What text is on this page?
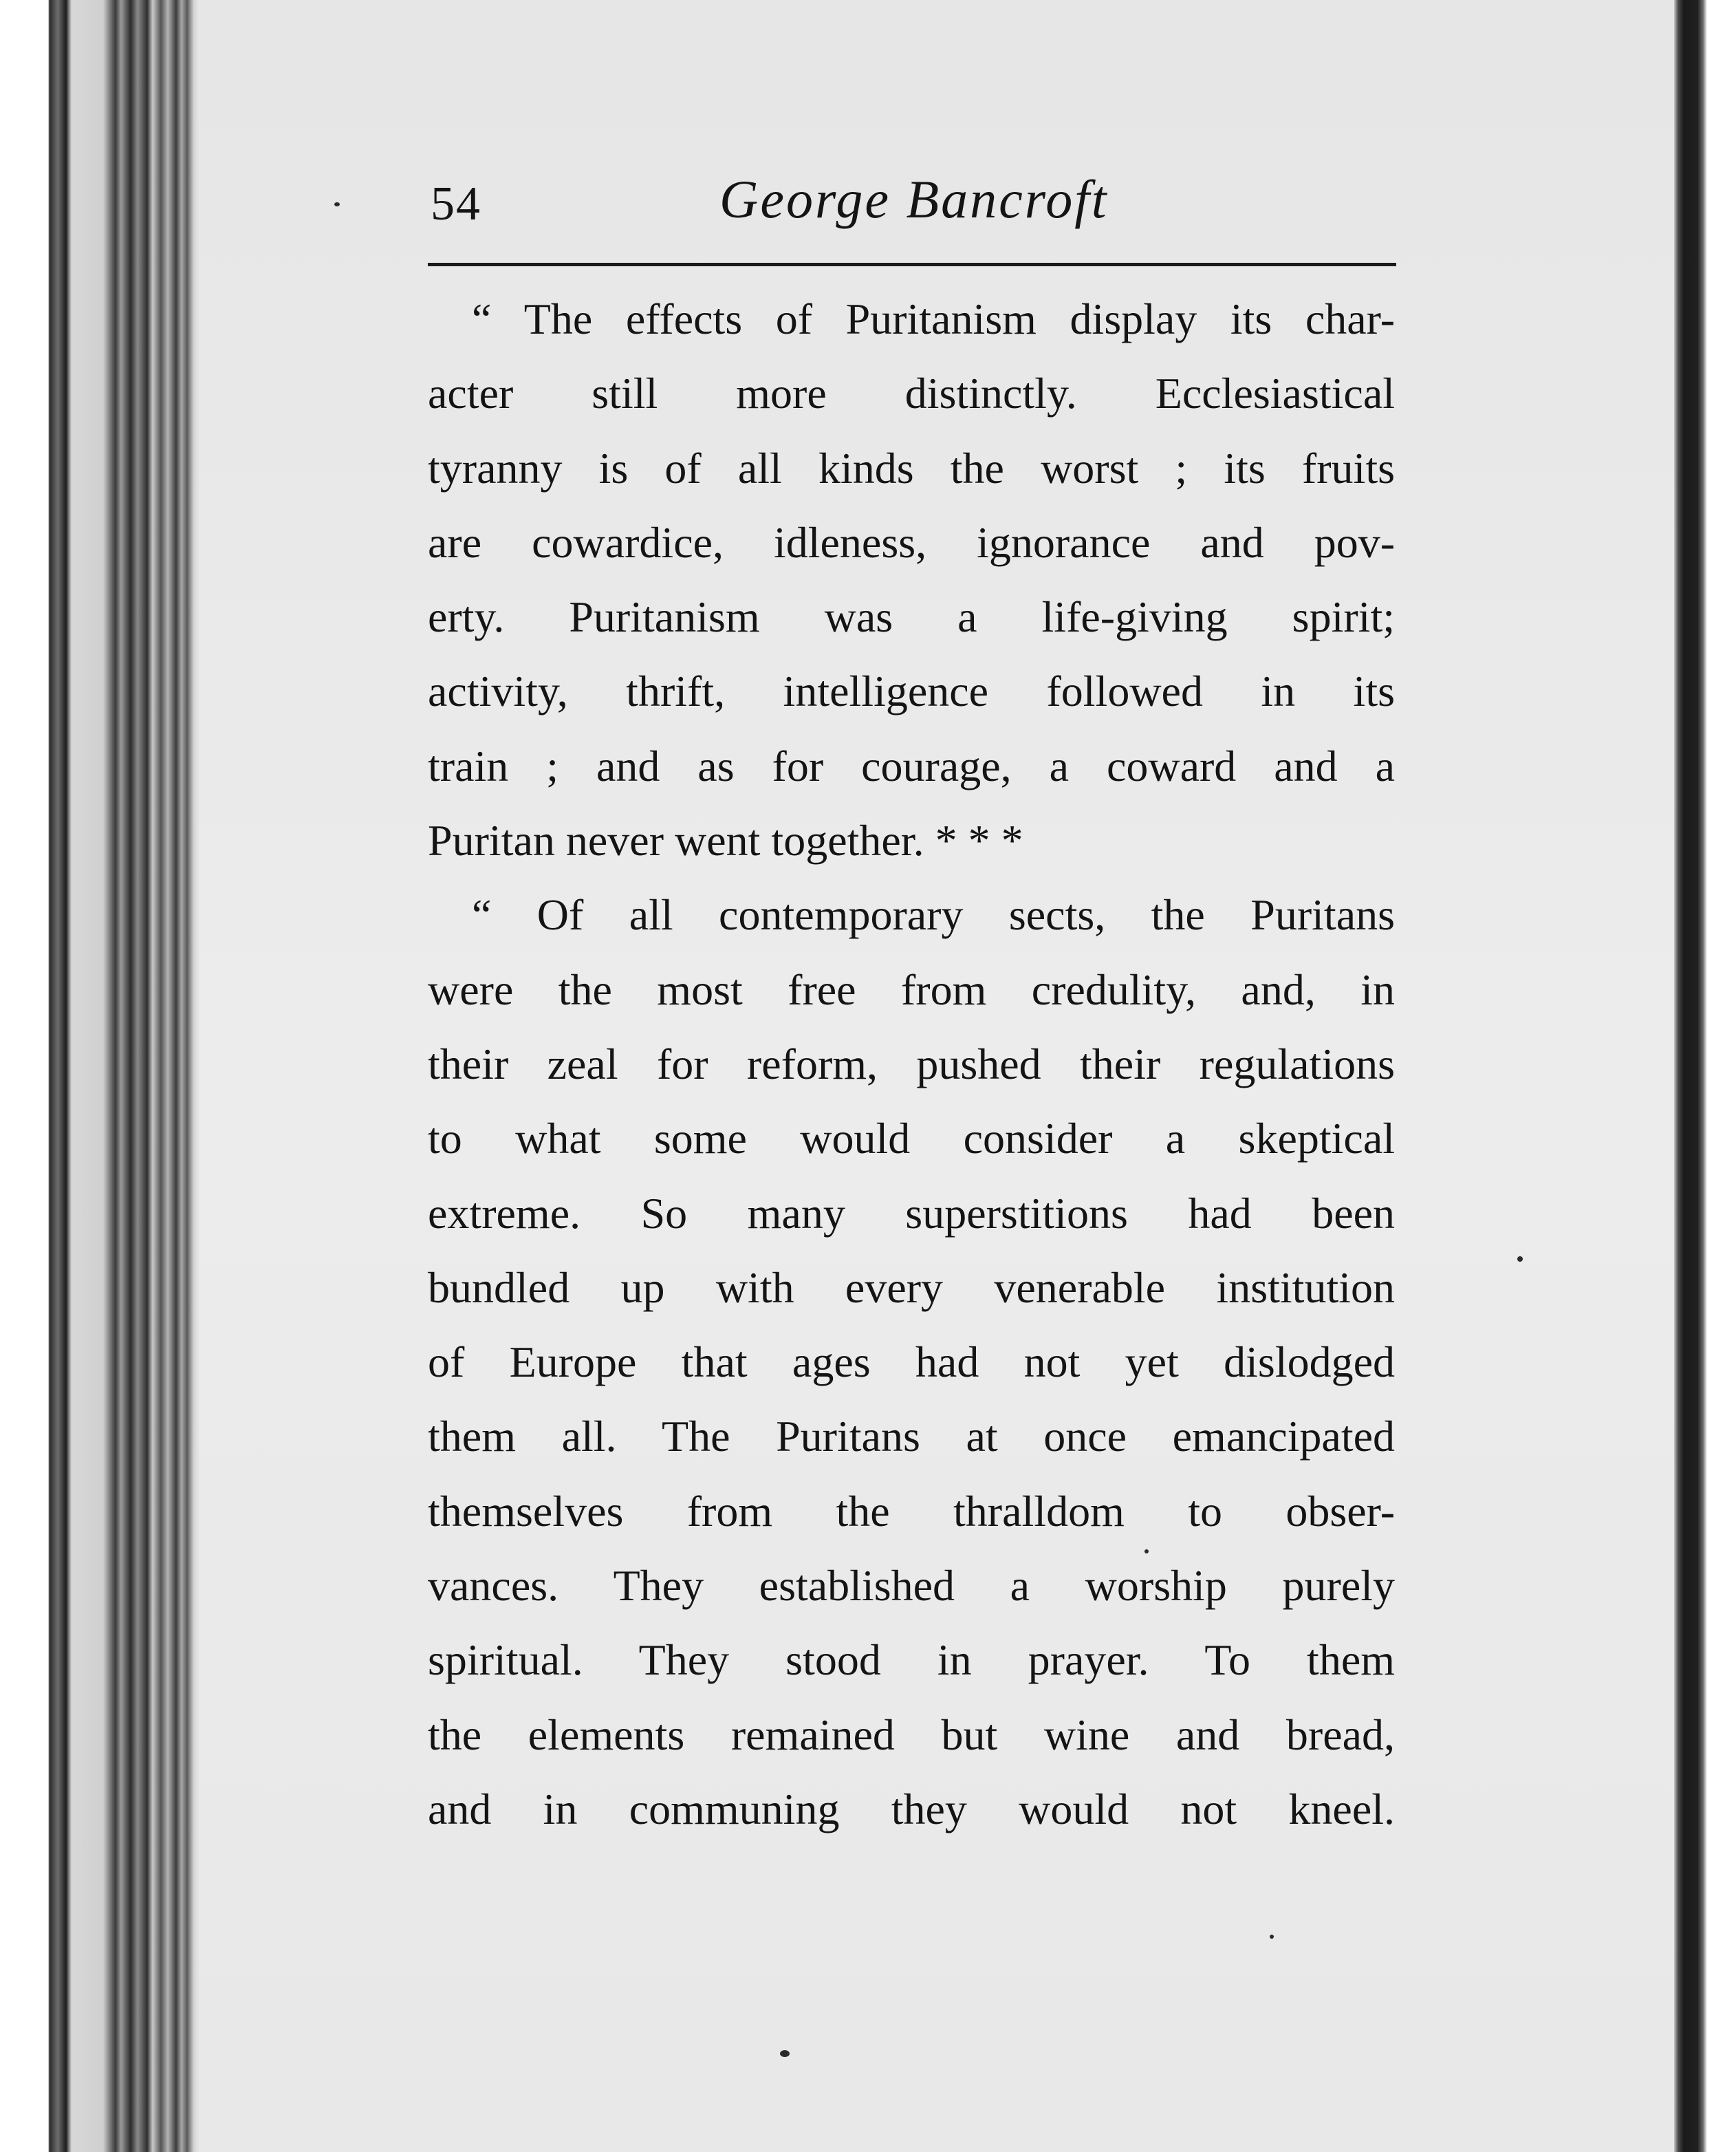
54	George Bancroft
“ The effects of Puritanism display its char-
acter still more distinctly. Ecclesiastical
tyranny is of all kinds the worst ; its fruits
are cowardice, idleness, ignorance and pov-
erty. Puritanism was a life-giving spirit;
activity, thrift, intelligence followed in its
train ; and as for courage, a coward and a
Puritan never went together. * * *
“ Of all contemporary sects, the Puritans
were the most free from credulity, and, in
their zeal for reform, pushed their regulations
to what some would consider a skeptical
extreme. So many superstitions had been
bundled up with every venerable institution
of Europe that ages had not yet dislodged
them all. The Puritans at once emancipated
themselves from the thralldom to obser-
vances. They established a worship purely
spiritual. They stood in prayer. To them
the elements remained but wine and bread,
and in communing they would not kneel.
